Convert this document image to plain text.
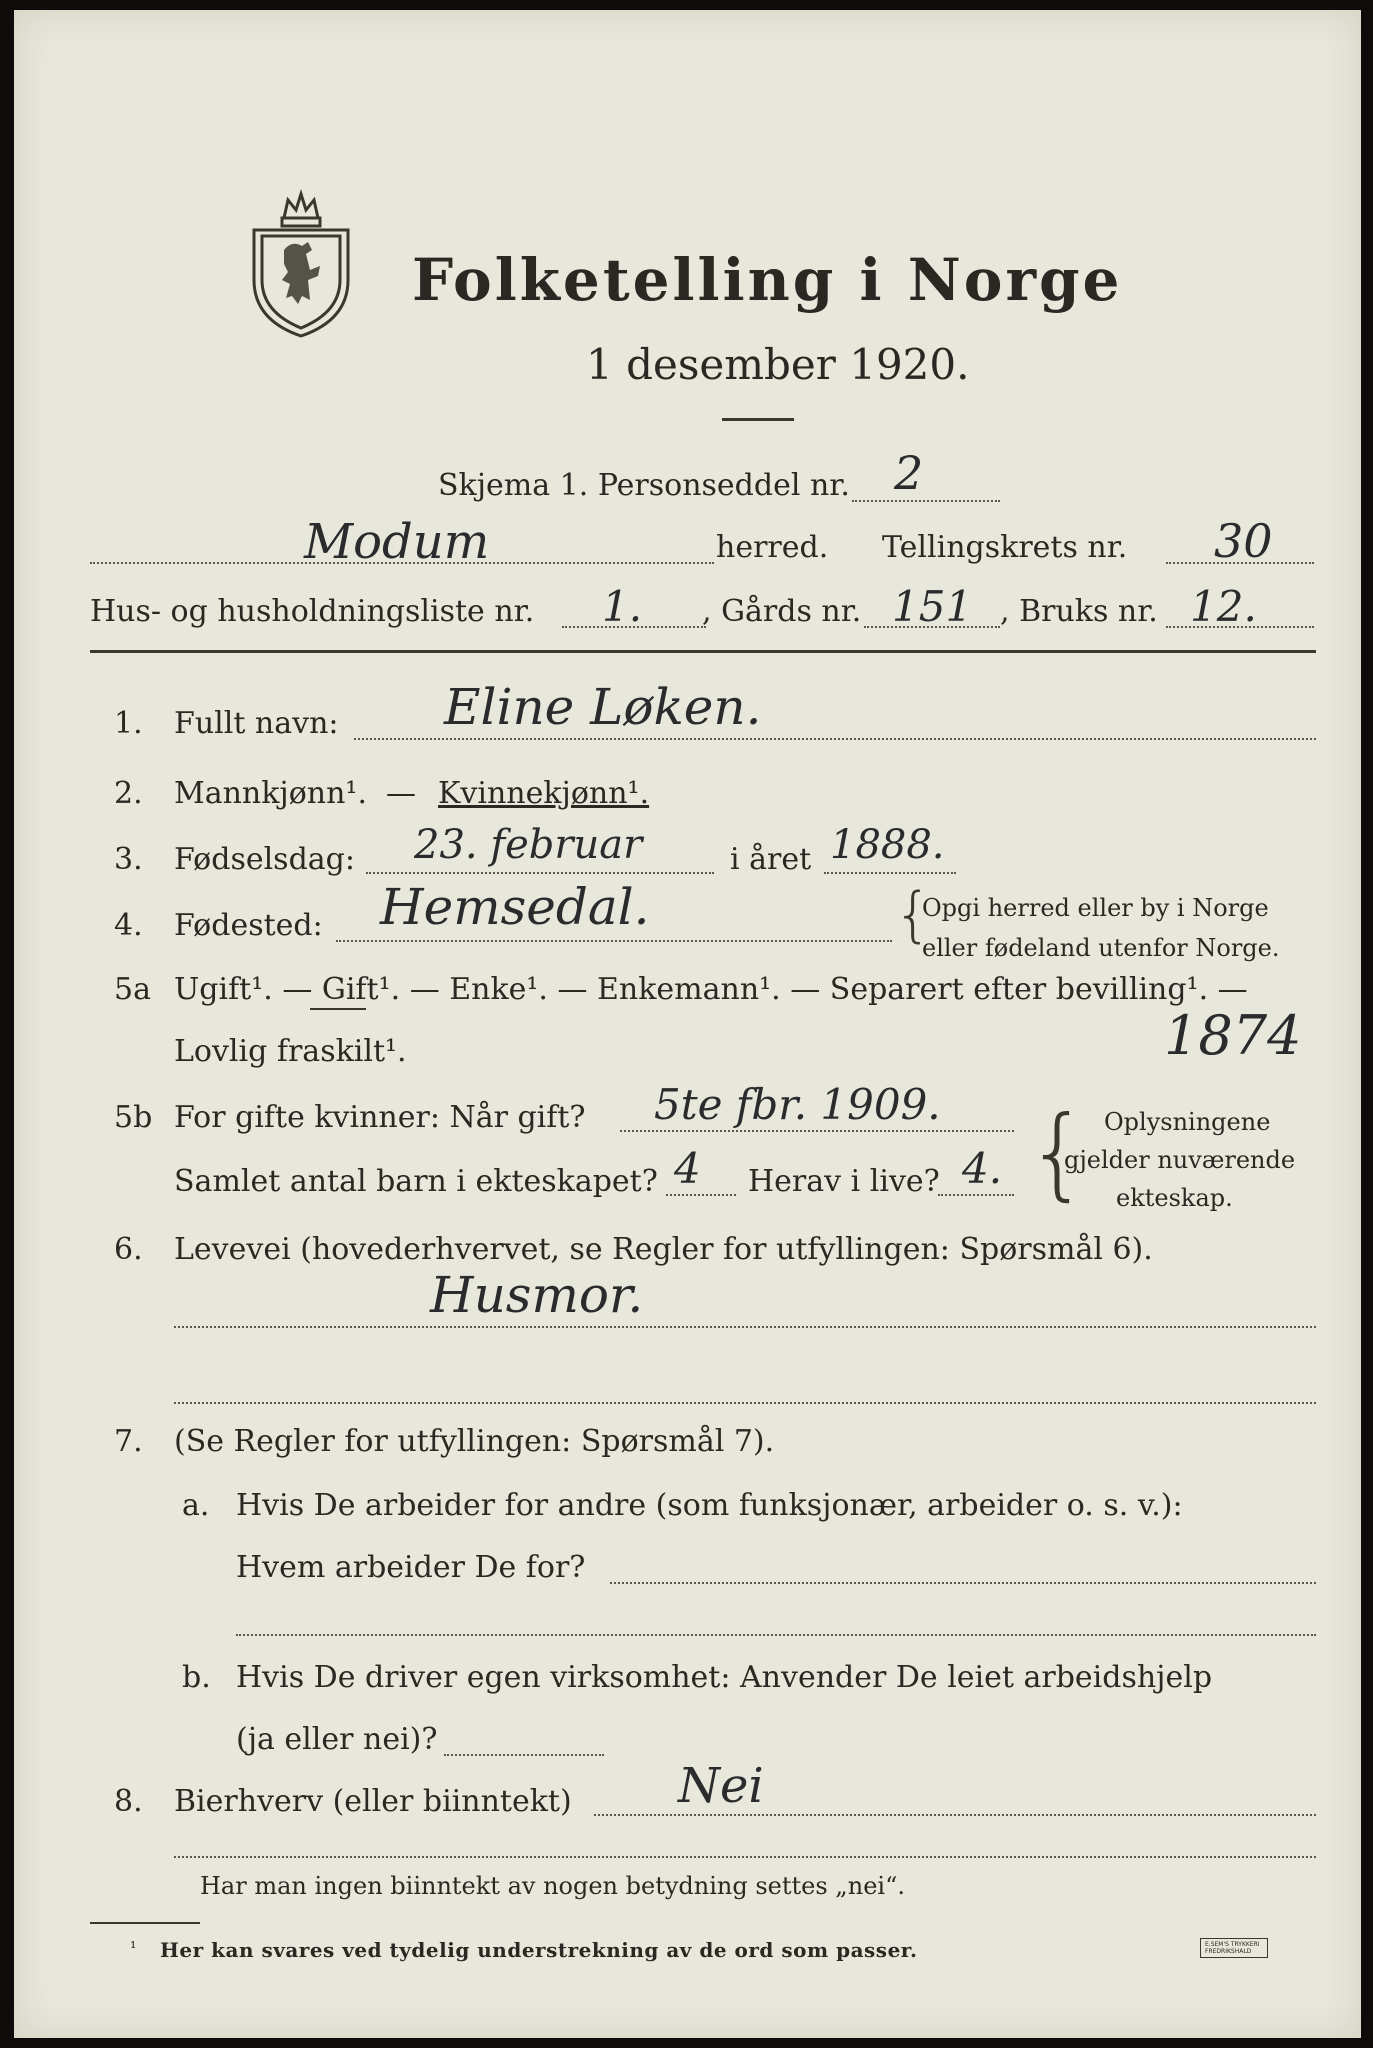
Folketelling i Norge
1 desember 1920.
Skjema 1. Personseddel nr. 2
Modum	herred. Tellingskrets nr. 30
Hus- og husholdningsliste nr. 1. , Gårds nr. 151 , Bruks nr. 12.
1. Fullt navn: Eline Løken.
2. Mannkjønn¹. — Kvinnekjønn¹.
3. Fødselsdag: 23. februar	i året 1888.
4. Fødested: Hemsedal.	{
Opgi herred eller by i Norge
eller fødeland utenfor Norge.
5a Ugift¹. — Gift¹. — Enke¹. — Enkemann¹. — Separert efter bevilling¹. —
Lovlig fraskilt¹.	1874
5b For gifte kvinner: Når gift? 5te fbr. 1909.
Samlet antal barn i ekteskapet? 4 Herav i live? 4. { Oplysningene
gjelder nuværende
ekteskap.
6. Levevei (hovederhvervet, se Regler for utfyllingen: Spørsmål 6).
Husmor.
7. (Se Regler for utfyllingen: Spørsmål 7).
a. Hvis De arbeider for andre (som funksjonær, arbeider o. s. v.):
Hvem arbeider De for?
b. Hvis De driver egen virksomhet: Anvender De leiet arbeidshjelp
(ja eller nei)?
8. Bierhverv (eller biinntekt) Nei
Har man ingen biinntekt av nogen betydning settes „nei“.
¹ Her kan svares ved tydelig understrekning av de ord som passer.	E.SEM'S TRYKKERI FREDRIKSHALD
